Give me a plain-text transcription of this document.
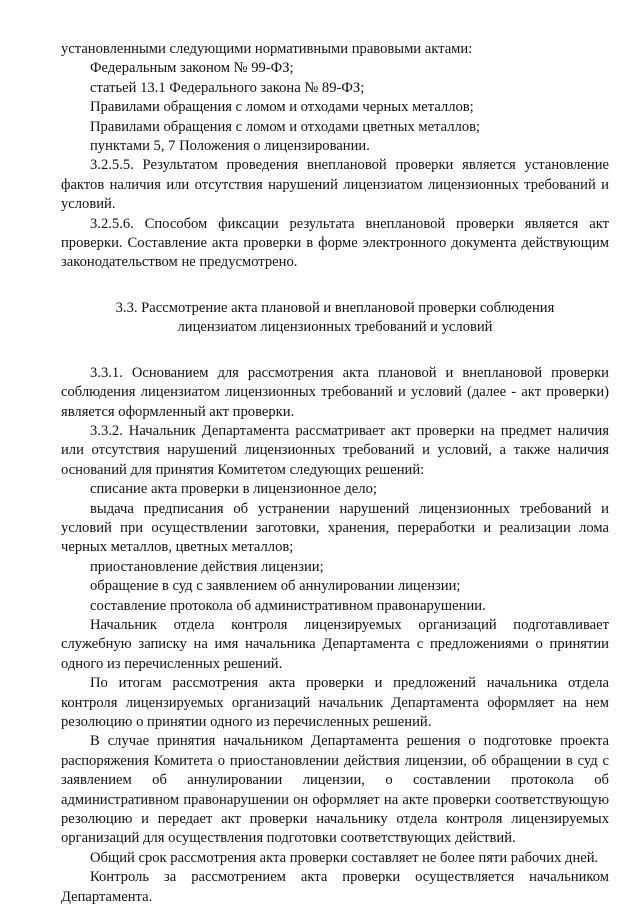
установленными следующими нормативными правовыми актами:

Федеральным законом № 99-ФЗ;

статьей 13.1 Федерального закона № 89-ФЗ;

Правилами обращения с ломом и отходами черных металлов;

Правилами обращения с ломом и отходами цветных металлов;

пунктами 5, 7 Положения о лицензировании.

3.2.5.5. Результатом проведения внеплановой проверки является установление фактов наличия или отсутствия нарушений лицензиатом лицензионных требований и условий.

3.2.5.6. Способом фиксации результата внеплановой проверки является акт проверки. Составление акта проверки в форме электронного документа действующим законодательством не предусмотрено.

3.3. Рассмотрение акта плановой и внеплановой проверки соблюдения
лицензиатом лицензионных требований и условий

3.3.1. Основанием для рассмотрения акта плановой и внеплановой проверки соблюдения лицензиатом лицензионных требований и условий (далее - акт проверки) является оформленный акт проверки.

3.3.2. Начальник Департамента рассматривает акт проверки на предмет наличия или отсутствия нарушений лицензионных требований и условий, а также наличия оснований для принятия Комитетом следующих решений:

списание акта проверки в лицензионное дело;

выдача предписания об устранении нарушений лицензионных требований и условий при осуществлении заготовки, хранения, переработки и реализации лома черных металлов, цветных металлов;

приостановление действия лицензии;

обращение в суд с заявлением об аннулировании лицензии;

составление протокола об административном правонарушении.

Начальник отдела контроля лицензируемых организаций подготавливает служебную записку на имя начальника Департамента с предложениями о принятии одного из перечисленных решений.

По итогам рассмотрения акта проверки и предложений начальника отдела контроля лицензируемых организаций начальник Департамента оформляет на нем резолюцию о принятии одного из перечисленных решений.

В случае принятия начальником Департамента решения о подготовке проекта распоряжения Комитета о приостановлении действия лицензии, об обращении в суд с заявлением об аннулировании лицензии, о составлении протокола об административном правонарушении он оформляет на акте проверки соответствующую резолюцию и передает акт проверки начальнику отдела контроля лицензируемых организаций для осуществления подготовки соответствующих действий.

Общий срок рассмотрения акта проверки составляет не более пяти рабочих дней.

Контроль за рассмотрением акта проверки осуществляется начальником Департамента.
